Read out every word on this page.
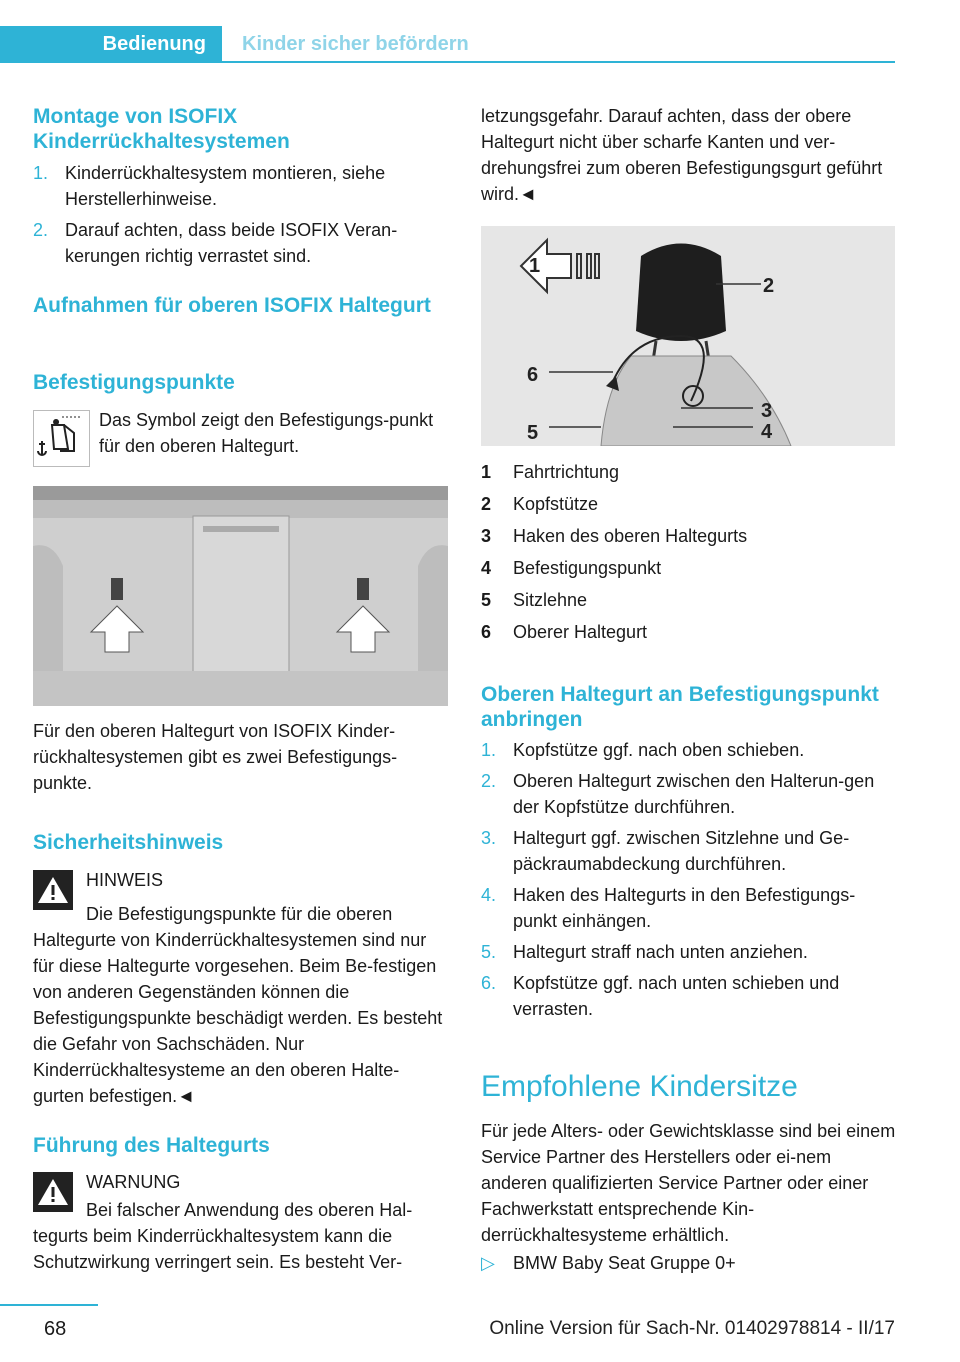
Bedienung	Kinder sicher befördern
Montage von ISOFIX Kinderrückhaltesystemen
1. Kinderrückhaltesystem montieren, siehe Herstellerhinweise.
2. Darauf achten, dass beide ISOFIX Veran-kerungen richtig verrastet sind.
Aufnahmen für oberen ISOFIX Haltegurt
Befestigungspunkte

Das Symbol zeigt den Befestigungs-punkt für den oberen Haltegurt.

Für den oberen Haltegurt von ISOFIX Kinder-rückhaltesystemen gibt es zwei Befestigungs-punkte.

Sicherheitshinweis

HINWEIS

Die Befestigungspunkte für die oberen Haltegurte von Kinderrückhaltesystemen sind nur für diese Haltegurte vorgesehen. Beim Be-festigen von anderen Gegenständen können die Befestigungspunkte beschädigt werden. Es besteht die Gefahr von Sachschäden. Nur Kinderrückhaltesysteme an den oberen Halte-gurten befestigen.◄
Führung des Haltegurts

WARNUNG

Bei falscher Anwendung des oberen Hal-tegurts beim Kinderrückhaltesystem kann die Schutzwirkung verringert sein. Es besteht Ver-
letzungsgefahr. Darauf achten, dass der obere Haltegurt nicht über scharfe Kanten und ver-drehungsfrei zum oberen Befestigungsgurt geführt wird.◄
1
2
6
5
3
4
1	Fahrtrichtung
2	Kopfstütze
3	Haken des oberen Haltegurts
4	Befestigungspunkt
5	Sitzlehne
6	Oberer Haltegurt
Oberen Haltegurt an Befestigungspunkt anbringen
1. Kopfstütze ggf. nach oben schieben.
2. Oberen Haltegurt zwischen den Halterun-gen der Kopfstütze durchführen.
3. Haltegurt ggf. zwischen Sitzlehne und Ge-päckraumabdeckung durchführen.
4. Haken des Haltegurts in den Befestigungs-punkt einhängen.
5. Haltegurt straff nach unten anziehen.
6. Kopfstütze ggf. nach unten schieben und verrasten.
Empfohlene Kindersitze

Für jede Alters- oder Gewichtsklasse sind bei einem Service Partner des Herstellers oder ei-nem anderen qualifizierten Service Partner oder einer Fachwerkstatt entsprechende Kin-derrückhaltesysteme erhältlich.

▷	BMW Baby Seat Gruppe 0+
68	Online Version für Sach-Nr. 01402978814 - II/17
